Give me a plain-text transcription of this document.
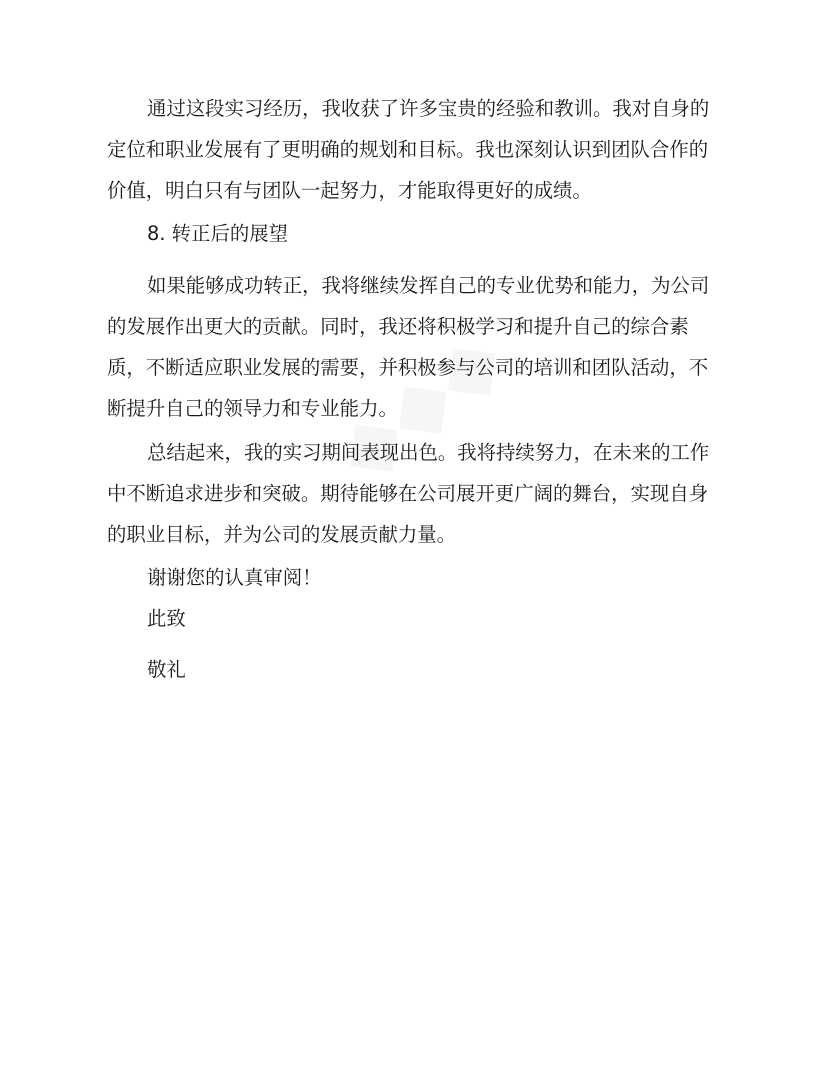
通过这段实习经历，我收获了许多宝贵的经验和教训。我对自身的定位和职业发展有了更明确的规划和目标。我也深刻认识到团队合作的价值，明白只有与团队一起努力，才能取得更好的成绩。

8. 转正后的展望

如果能够成功转正，我将继续发挥自己的专业优势和能力，为公司的发展作出更大的贡献。同时，我还将积极学习和提升自己的综合素质，不断适应职业发展的需要，并积极参与公司的培训和团队活动，不断提升自己的领导力和专业能力。

总结起来，我的实习期间表现出色。我将持续努力，在未来的工作中不断追求进步和突破。期待能够在公司展开更广阔的舞台，实现自身的职业目标，并为公司的发展贡献力量。

谢谢您的认真审阅！

此致

敬礼
